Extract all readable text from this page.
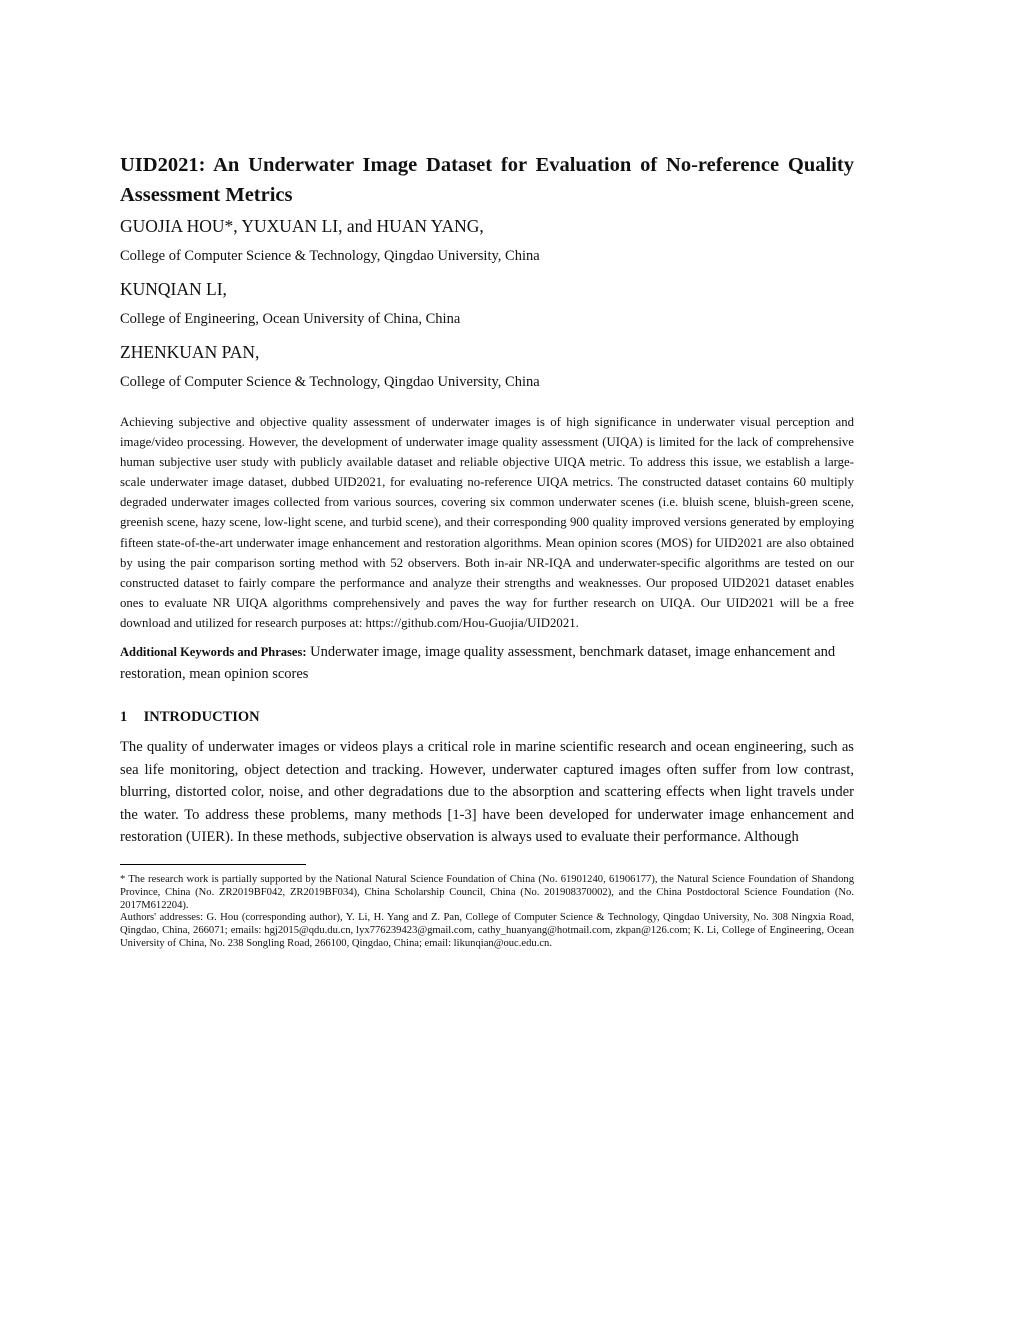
UID2021: An Underwater Image Dataset for Evaluation of No-reference Quality Assessment Metrics

GUOJIA HOU*, YUXUAN LI, and HUAN YANG,

College of Computer Science & Technology, Qingdao University, China

KUNQIAN LI,

College of Engineering, Ocean University of China, China

ZHENKUAN PAN,

College of Computer Science & Technology, Qingdao University, China

Achieving subjective and objective quality assessment of underwater images is of high significance in underwater visual perception and image/video processing. However, the development of underwater image quality assessment (UIQA) is limited for the lack of comprehensive human subjective user study with publicly available dataset and reliable objective UIQA metric. To address this issue, we establish a large-scale underwater image dataset, dubbed UID2021, for evaluating no-reference UIQA metrics. The constructed dataset contains 60 multiply degraded underwater images collected from various sources, covering six common underwater scenes (i.e. bluish scene, bluish-green scene, greenish scene, hazy scene, low-light scene, and turbid scene), and their corresponding 900 quality improved versions generated by employing fifteen state-of-the-art underwater image enhancement and restoration algorithms. Mean opinion scores (MOS) for UID2021 are also obtained by using the pair comparison sorting method with 52 observers. Both in-air NR-IQA and underwater-specific algorithms are tested on our constructed dataset to fairly compare the performance and analyze their strengths and weaknesses. Our proposed UID2021 dataset enables ones to evaluate NR UIQA algorithms comprehensively and paves the way for further research on UIQA. Our UID2021 will be a free download and utilized for research purposes at: https://github.com/Hou-Guojia/UID2021.

Additional Keywords and Phrases: Underwater image, image quality assessment, benchmark dataset, image enhancement and restoration, mean opinion scores

1 INTRODUCTION

The quality of underwater images or videos plays a critical role in marine scientific research and ocean engineering, such as sea life monitoring, object detection and tracking. However, underwater captured images often suffer from low contrast, blurring, distorted color, noise, and other degradations due to the absorption and scattering effects when light travels under the water. To address these problems, many methods [1-3] have been developed for underwater image enhancement and restoration (UIER). In these methods, subjective observation is always used to evaluate their performance. Although

* The research work is partially supported by the National Natural Science Foundation of China (No. 61901240, 61906177), the Natural Science Foundation of Shandong Province, China (No. ZR2019BF042, ZR2019BF034), China Scholarship Council, China (No. 201908370002), and the China Postdoctoral Science Foundation (No. 2017M612204).

Authors' addresses: G. Hou (corresponding author), Y. Li, H. Yang and Z. Pan, College of Computer Science & Technology, Qingdao University, No. 308 Ningxia Road, Qingdao, China, 266071; emails: hgj2015@qdu.du.cn, lyx776239423@gmail.com, cathy_huanyang@hotmail.com, zkpan@126.com; K. Li, College of Engineering, Ocean University of China, No. 238 Songling Road, 266100, Qingdao, China; email: likunqian@ouc.edu.cn.
